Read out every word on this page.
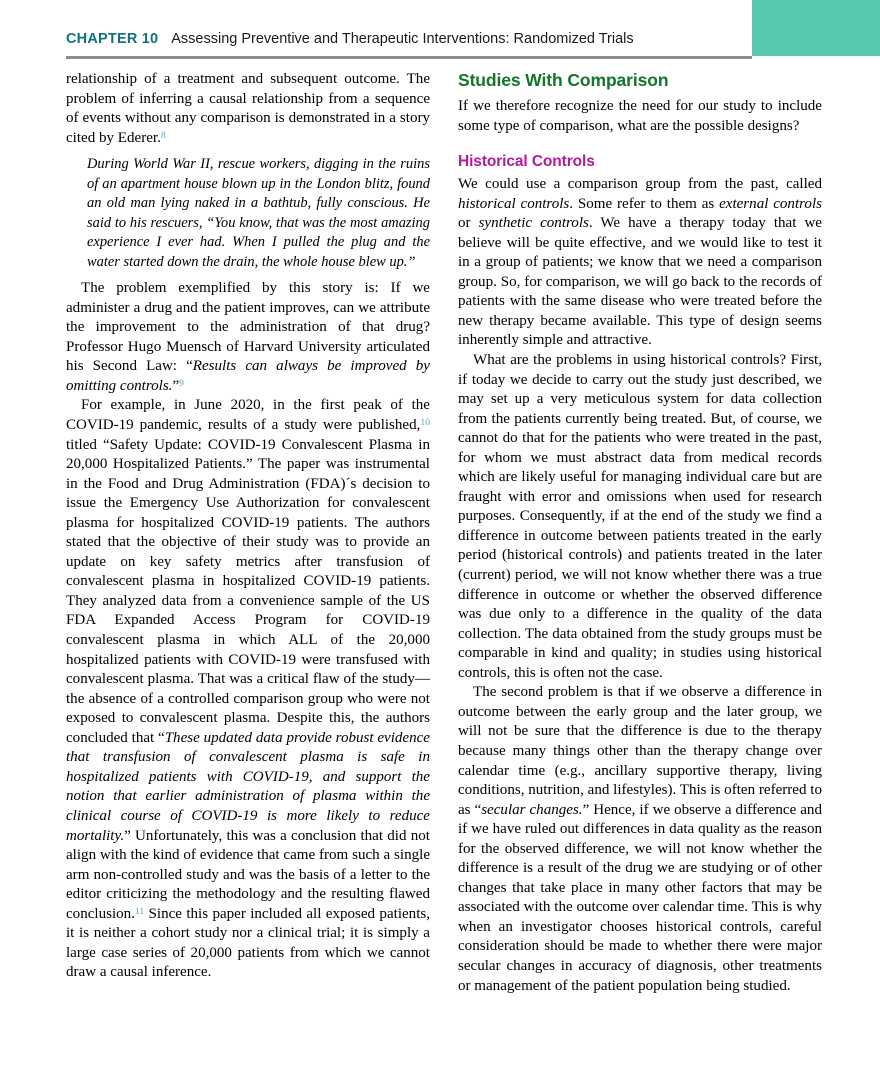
CHAPTER 10 Assessing Preventive and Therapeutic Interventions: Randomized Trials

relationship of a treatment and subsequent outcome. The problem of inferring a causal relationship from a sequence of events without any comparison is demonstrated in a story cited by Ederer.$^8$

During World War II, rescue workers, digging in the ruins of an apartment house blown up in the London blitz, found an old man lying naked in a bathtub, fully conscious. He said to his rescuers, “You know, that was the most amazing experience I ever had. When I pulled the plug and the water started down the drain, the whole house blew up.”

The problem exemplified by this story is: If we administer a drug and the patient improves, can we attribute the improvement to the administration of that drug? Professor Hugo Muensch of Harvard University articulated his Second Law: “Results can always be improved by omitting controls.”$^9$

For example, in June 2020, in the first peak of the COVID-19 pandemic, results of a study were published,$^{10}$ titled “Safety Update: COVID-19 Convalescent Plasma in 20,000 Hospitalized Patients.” The paper was instrumental in the Food and Drug Administration (FDA)´s decision to issue the Emergency Use Authorization for convalescent plasma for hospitalized COVID-19 patients. The authors stated that the objective of their study was to provide an update on key safety metrics after transfusion of convalescent plasma in hospitalized COVID-19 patients. They analyzed data from a convenience sample of the US FDA Expanded Access Program for COVID-19 convalescent plasma in which ALL of the 20,000 hospitalized patients with COVID-19 were transfused with convalescent plasma. That was a critical flaw of the study—the absence of a controlled comparison group who were not exposed to convalescent plasma. Despite this, the authors concluded that “These updated data provide robust evidence that transfusion of convalescent plasma is safe in hospitalized patients with COVID-19, and support the notion that earlier administration of plasma within the clinical course of COVID-19 is more likely to reduce mortality.” Unfortunately, this was a conclusion that did not align with the kind of evidence that came from such a single arm non-controlled study and was the basis of a letter to the editor criticizing the methodology and the resulting flawed conclusion.$^{11}$ Since this paper included all exposed patients, it is neither a cohort study nor a clinical trial; it is simply a large case series of 20,000 patients from which we cannot draw a causal inference.

Studies With Comparison

If we therefore recognize the need for our study to include some type of comparison, what are the possible designs?

Historical Controls

We could use a comparison group from the past, called historical controls. Some refer to them as external controls or synthetic controls. We have a therapy today that we believe will be quite effective, and we would like to test it in a group of patients; we know that we need a comparison group. So, for comparison, we will go back to the records of patients with the same disease who were treated before the new therapy became available. This type of design seems inherently simple and attractive.

What are the problems in using historical controls? First, if today we decide to carry out the study just described, we may set up a very meticulous system for data collection from the patients currently being treated. But, of course, we cannot do that for the patients who were treated in the past, for whom we must abstract data from medical records which are likely useful for managing individual care but are fraught with error and omissions when used for research purposes. Consequently, if at the end of the study we find a difference in outcome between patients treated in the early period (historical controls) and patients treated in the later (current) period, we will not know whether there was a true difference in outcome or whether the observed difference was due only to a difference in the quality of the data collection. The data obtained from the study groups must be comparable in kind and quality; in studies using historical controls, this is often not the case.

The second problem is that if we observe a difference in outcome between the early group and the later group, we will not be sure that the difference is due to the therapy because many things other than the therapy change over calendar time (e.g., ancillary supportive therapy, living conditions, nutrition, and lifestyles). This is often referred to as “secular changes.” Hence, if we observe a difference and if we have ruled out differences in data quality as the reason for the observed difference, we will not know whether the difference is a result of the drug we are studying or of other changes that take place in many other factors that may be associated with the outcome over calendar time. This is why when an investigator chooses historical controls, careful consideration should be made to whether there were major secular changes in accuracy of diagnosis, other treatments or management of the patient population being studied.
